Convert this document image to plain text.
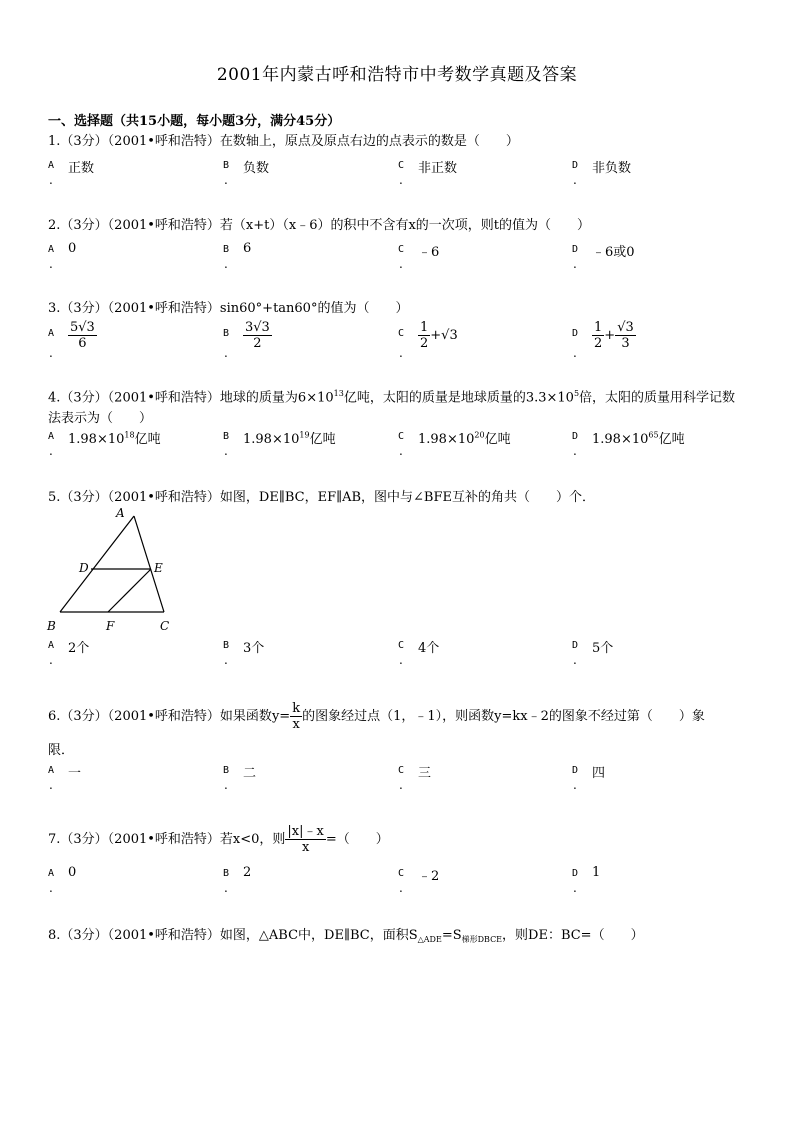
2001年内蒙古呼和浩特市中考数学真题及答案
一、选择题（共15小题，每小题3分，满分45分）
1.（3分）（2001•呼和浩特）在数轴上，原点及原点右边的点表示的数是（　　）
A
.
正数	B
.
负数	C
.
非正数	D
.
非负数
2.（3分）（2001•呼和浩特）若（x+t）（x﹣6）的积中不含有x的一次项，则t的值为（　　）
A
.
0	B
.
6	C
.
﹣6	D
.
﹣6或0
3.（3分）（2001•呼和浩特）sin60°+tan60°的值为（　　）
A
.
$\frac{5√3}{6}$	B
.
$\frac{3√3}{2}$	C
.
$\frac{1}{2} +√3$	D
.
$\frac{1}{2} + \frac{√3}{3}$
4.（3分）（2001•呼和浩特）地球的质量为$6\times 10^{13}$亿吨，太阳的质量是地球质量的$3.3\times 10^5$倍，太阳的质量用科学记数法表示为（　　）
A
.
$1.98\times 10^{18}$亿吨	B
.
$1.98\times 10^{19}$亿吨	C
.
$1.98\times 10^{20}$亿吨	D
.
$1.98\times 10^{65}$亿吨
5.（3分）（2001•呼和浩特）如图，DE∥BC，EF∥AB，图中与∠BFE互补的角共（　　）个．
A
D	E
B	F	C
A
.
2个	B
.
3个	C
.
4个	D
.
5个
6.（3分）（2001•呼和浩特）如果函数$y= \frac{k}{x}$ 的图象经过点（1，﹣1），则函数y=kx﹣2的图象不经过第（　　）象
限．
A
.
一	B
.
二	C
.
三	D
.
四
7.（3分）（2001•呼和浩特）若x<0，则 $\frac{|x|﹣x}{x}$ =（　　）
A
.
0	B
.
2	C
.
﹣2	D
.
1
8.（3分）（2001•呼和浩特）如图，△ABC中，DE∥BC，面积$S_{\triangle ADE}=S_{梯形DBCE}$，则DE：BC=（　　）
